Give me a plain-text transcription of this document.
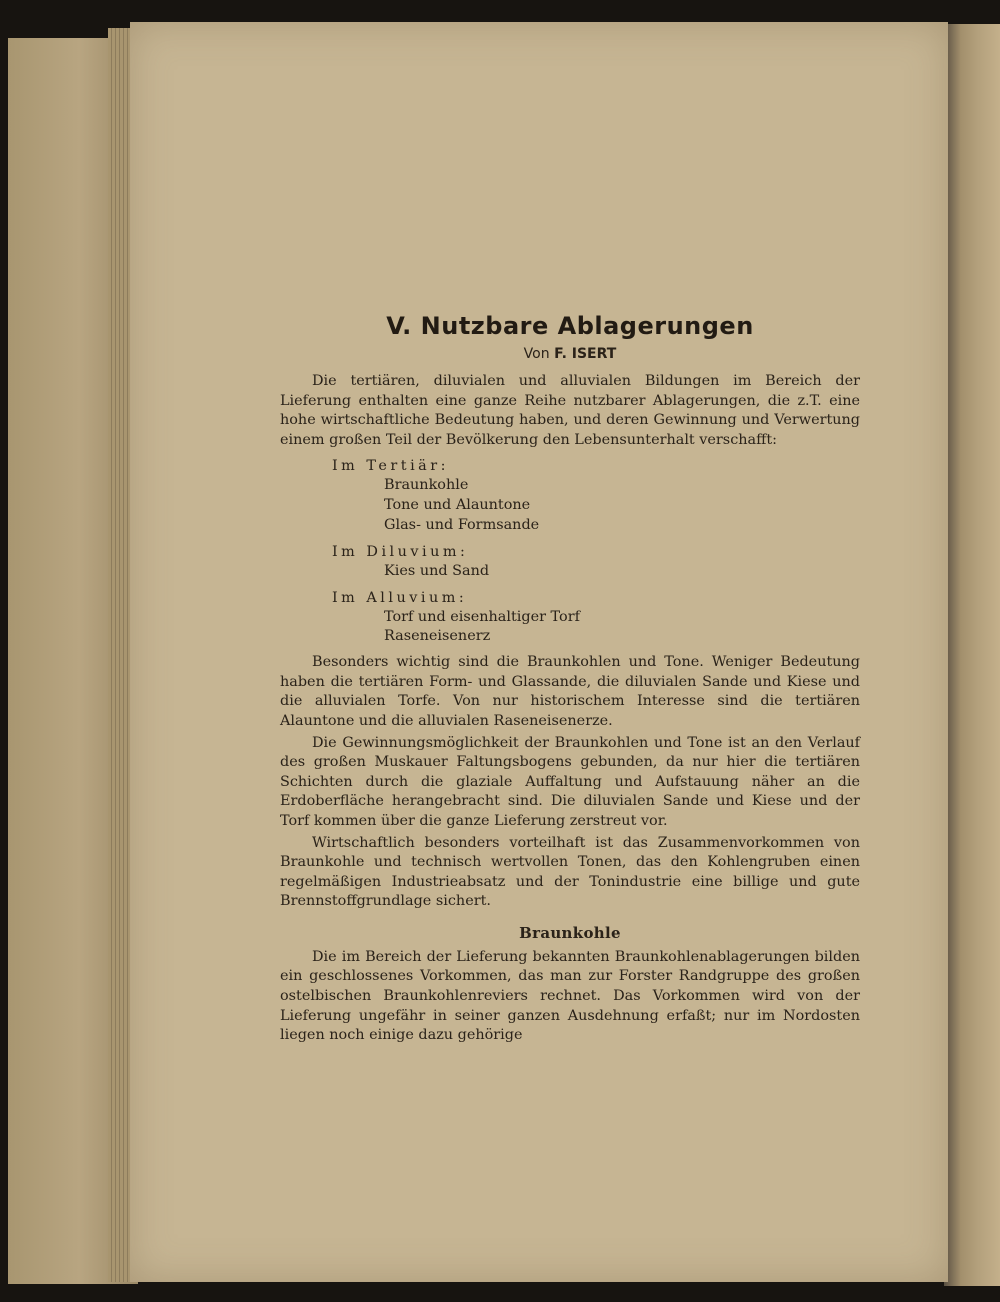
V. Nutzbare Ablagerungen
Von F. ISERT

Die tertiären, diluvialen und alluvialen Bildungen im Bereich der Lieferung enthalten eine ganze Reihe nutzbarer Ablagerungen, die z.T. eine hohe wirtschaftliche Bedeutung haben, und deren Gewinnung und Verwertung einem großen Teil der Bevölkerung den Lebensunterhalt verschafft:

Im Tertiär:
Braunkohle
Tone und Alauntone
Glas- und Formsande
Im Diluvium:
Kies und Sand
Im Alluvium:
Torf und eisenhaltiger Torf
Raseneisenerz

Besonders wichtig sind die Braunkohlen und Tone. Weniger Bedeutung haben die tertiären Form- und Glassande, die diluvialen Sande und Kiese und die alluvialen Torfe. Von nur historischem Interesse sind die tertiären Alauntone und die alluvialen Raseneisenerze.

Die Gewinnungsmöglichkeit der Braunkohlen und Tone ist an den Verlauf des großen Muskauer Faltungsbogens gebunden, da nur hier die tertiären Schichten durch die glaziale Auffaltung und Aufstauung näher an die Erdoberfläche herangebracht sind. Die diluvialen Sande und Kiese und der Torf kommen über die ganze Lieferung zerstreut vor.

Wirtschaftlich besonders vorteilhaft ist das Zusammenvorkommen von Braunkohle und technisch wertvollen Tonen, das den Kohlengruben einen regelmäßigen Industrieabsatz und der Tonindustrie eine billige und gute Brennstoffgrundlage sichert.

Braunkohle

Die im Bereich der Lieferung bekannten Braunkohlenablagerungen bilden ein geschlossenes Vorkommen, das man zur Forster Randgruppe des großen ostelbischen Braunkohlenreviers rechnet. Das Vorkommen wird von der Lieferung ungefähr in seiner ganzen Ausdehnung erfaßt; nur im Nordosten liegen noch einige dazu gehörige
